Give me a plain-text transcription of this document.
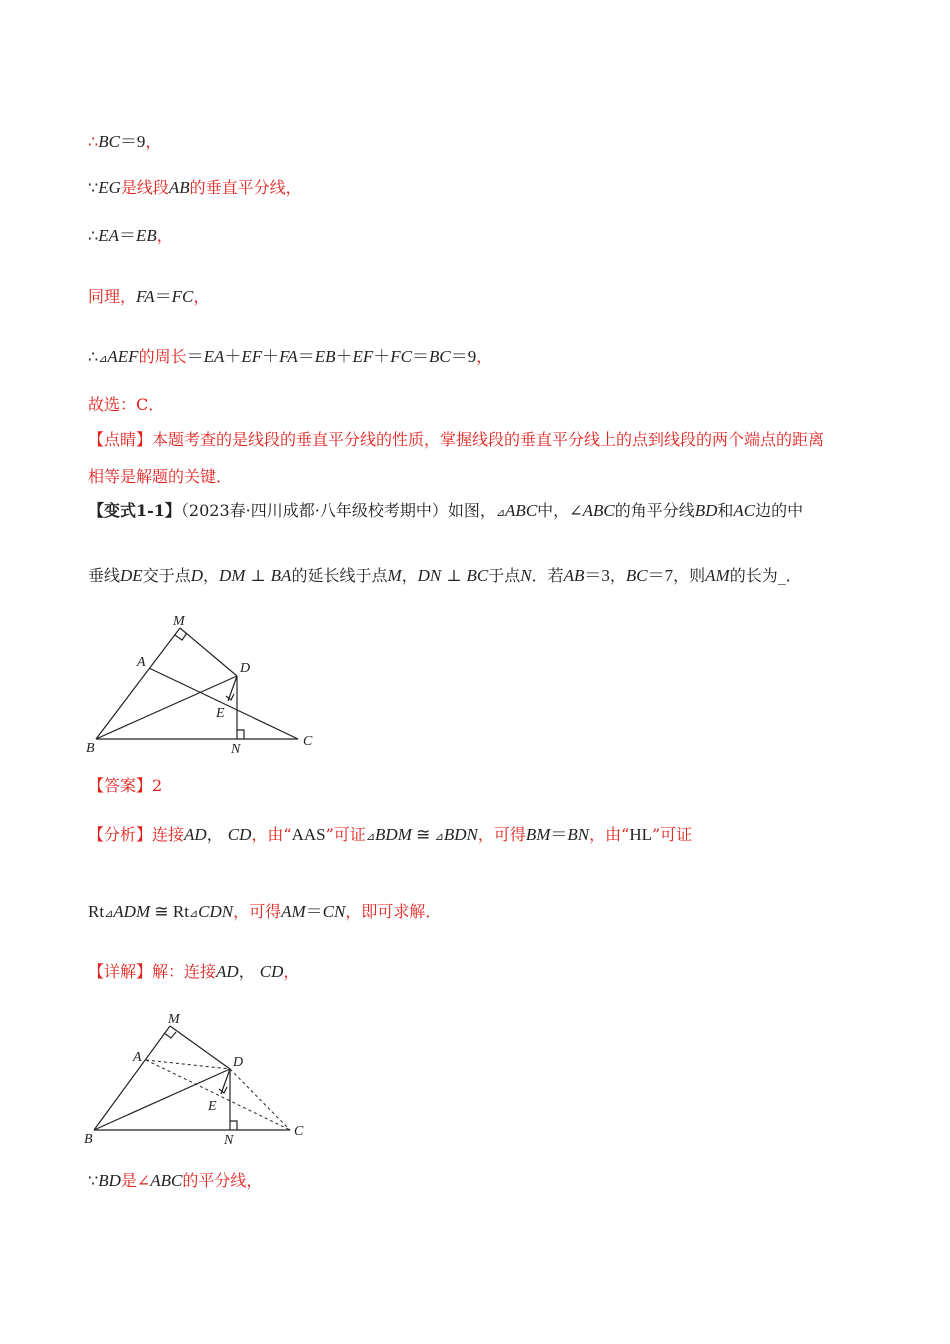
∴BC＝9，
∵EG是线段AB的垂直平分线，
∴EA＝EB，
同理，FA＝FC，
∴⊿AEF的周长＝EA＋EF＋FA＝EB＋EF＋FC＝BC＝9，
故选：C．
【点睛】本题考查的是线段的垂直平分线的性质，掌握线段的垂直平分线上的点到线段的两个端点的距离
相等是解题的关键．
【变式1-1】（2023春·四川成都·八年级校考期中）如图，⊿ABC中，∠ABC的角平分线BD和AC边的中
垂线DE交于点D，DM ⊥ BA的延长线于点M，DN ⊥ BC于点N．若AB＝3，BC＝7，则AM的长为_．
M
A	D
E
B	N
C
【答案】2
【分析】连接AD， CD，由“AAS”可证⊿BDM ≅ ⊿BDN，可得BM＝BN，由“HL”可证
Rt⊿ADM ≅ Rt⊿CDN，可得AM＝CN，即可求解．
【详解】解：连接AD， CD，
M
A	D
E
B	N
C
∵BD是∠ABC的平分线，
